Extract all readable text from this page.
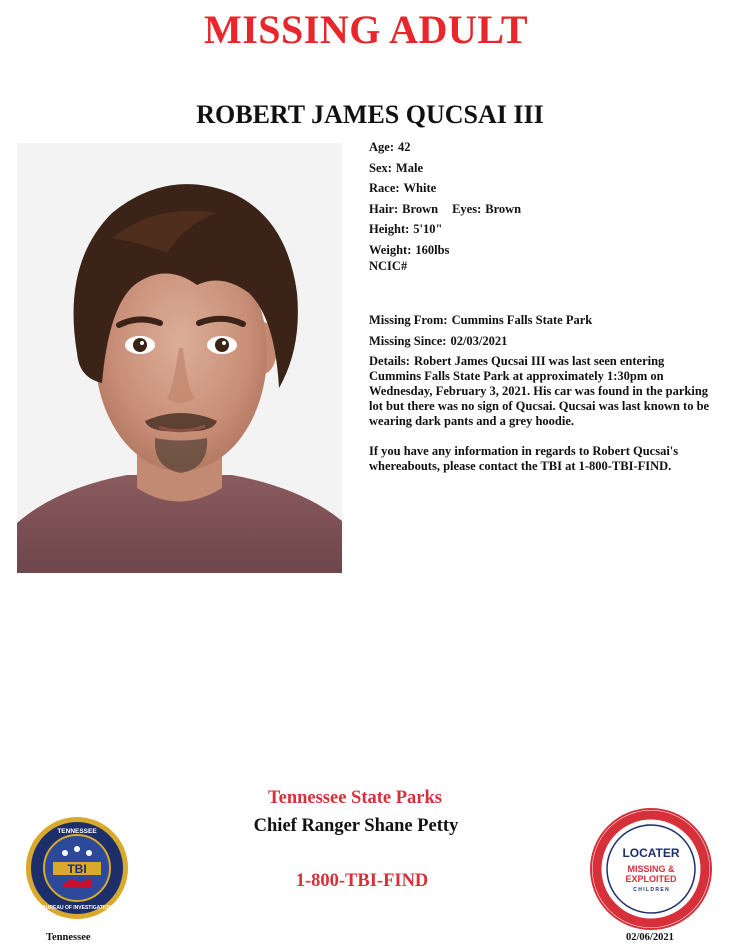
MISSING ADULT
ROBERT JAMES QUCSAI III
Age: 42
Sex: Male
Race: White
Hair: Brown Eyes: Brown
Height: 5'10"
Weight: 160lbs
NCIC#
Missing From: Cummins Falls State Park
Missing Since: 02/03/2021

Details: Robert James Qucsai III was last seen entering Cummins Falls State Park at approximately 1:30pm on Wednesday, February 3, 2021. His car was found in the parking lot but there was no sign of Qucsai. Qucsai was last known to be wearing dark pants and a grey hoodie.

If you have any information in regards to Robert Qucsai's whereabouts, please contact the TBI at 1-800-TBI-FIND.

Tennessee State Parks
Chief Ranger Shane Petty
1-800-TBI-FIND
TENNESSEE
BUREAU OF INVESTIGATION
TBI
LOCATER
MISSING &
EXPLOITED
C H I L D R E N
Tennessee	02/06/2021
